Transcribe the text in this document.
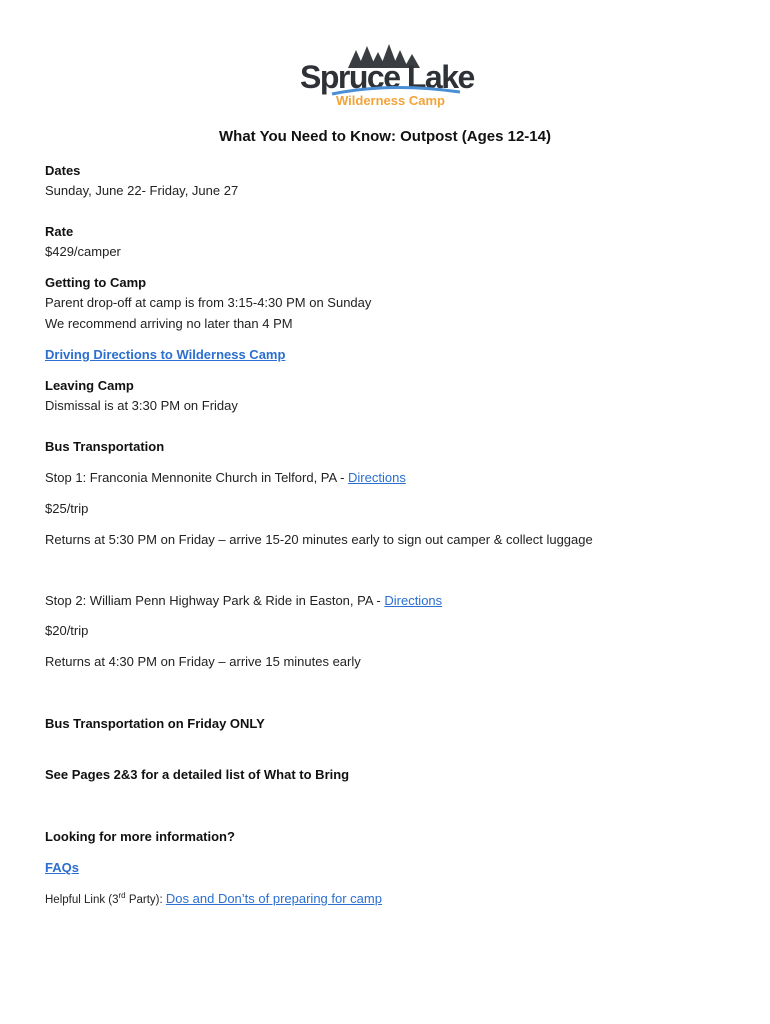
Spruce Lake
Wilderness Camp
What You Need to Know: Outpost (Ages 12-14)
Dates
Sunday, June 22- Friday, June 27
Rate
$429/camper
Getting to Camp
Parent drop-off at camp is from 3:15-4:30 PM on Sunday
We recommend arriving no later than 4 PM
Driving Directions to Wilderness Camp
Leaving Camp
Dismissal is at 3:30 PM on Friday
Bus Transportation
Stop 1: Franconia Mennonite Church in Telford, PA - Directions
$25/trip
Returns at 5:30 PM on Friday – arrive 15-20 minutes early to sign out camper & collect luggage
Stop 2: William Penn Highway Park & Ride in Easton, PA - Directions
$20/trip
Returns at 4:30 PM on Friday – arrive 15 minutes early
Bus Transportation on Friday ONLY
See Pages 2&3 for a detailed list of What to Bring
Looking for more information?
FAQs
Helpful Link (3rd Party): Dos and Don’ts of preparing for camp
